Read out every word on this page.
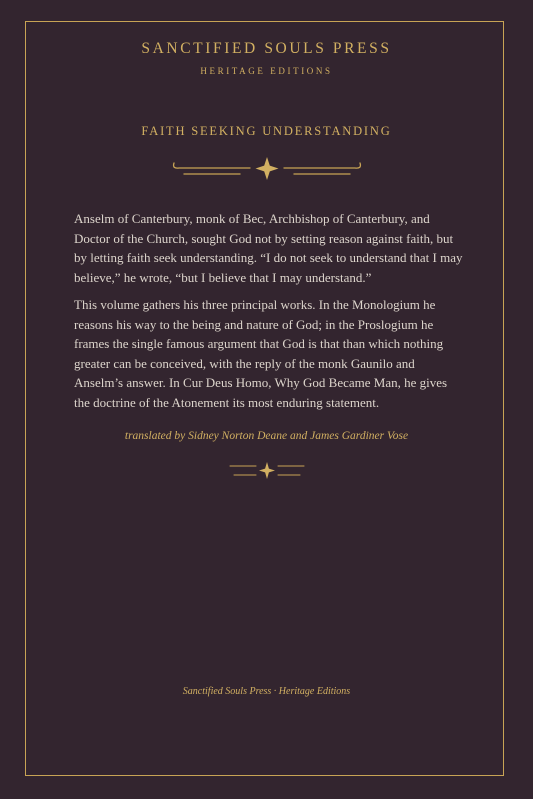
SANCTIFIED SOULS PRESS
HERITAGE EDITIONS
FAITH SEEKING UNDERSTANDING

Anselm of Canterbury, monk of Bec, Archbishop of Canterbury, and Doctor of the Church, sought God not by setting reason against faith, but by letting faith seek understanding. “I do not seek to understand that I may believe,” he wrote, “but I believe that I may understand.”

This volume gathers his three principal works. In the Monologium he reasons his way to the being and nature of God; in the Proslogium he frames the single famous argument that God is that than which nothing greater can be conceived, with the reply of the monk Gaunilo and Anselm’s answer. In Cur Deus Homo, Why God Became Man, he gives the doctrine of the Atonement its most enduring statement.

translated by Sidney Norton Deane and James Gardiner Vose
Sanctified Souls Press · Heritage Editions
